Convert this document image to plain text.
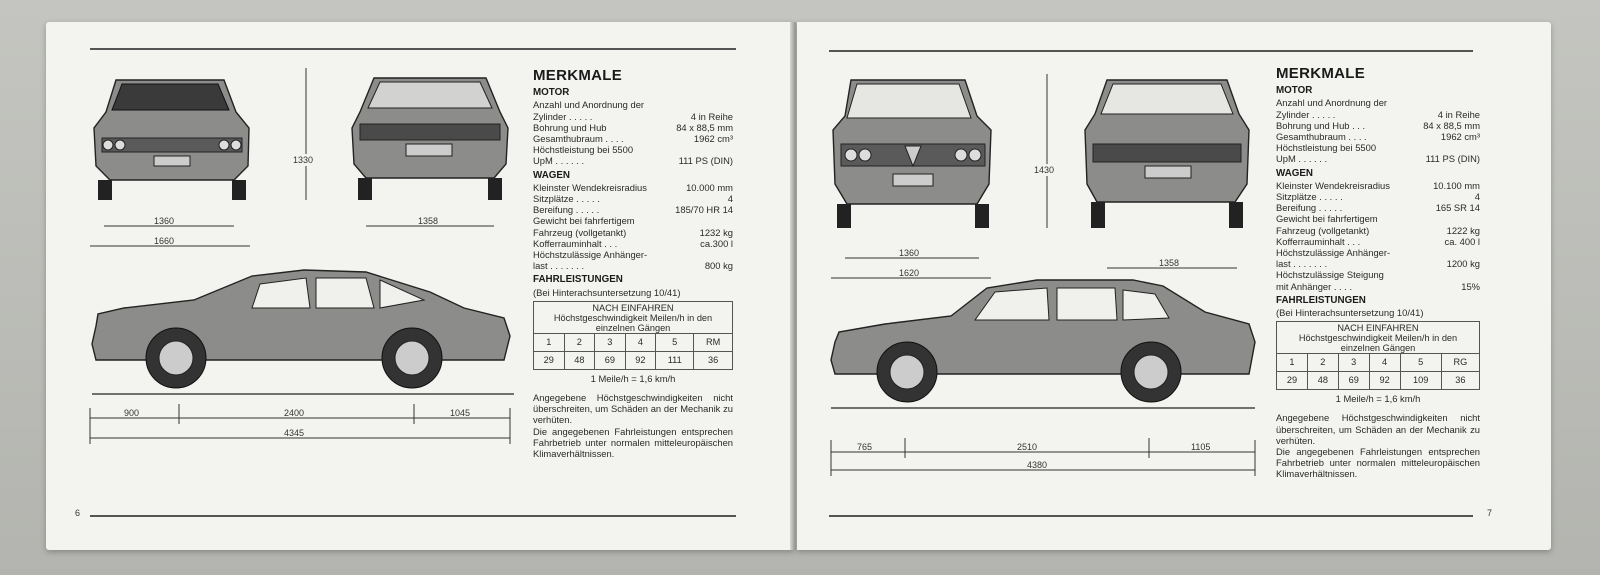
6
1330
1360
1660
1358
900	2400	1045
4345
MERKMALE
MOTOR
Anzahl und Anordnung der
Zylinder . . . . .	4 in Reihe
Bohrung und Hub	84 x 88,5 mm
Gesamthubraum . . . .	1962 cm³
Höchstleistung bei 5500
UpM . . . . . .	111 PS (DIN)
WAGEN
Kleinster Wendekreisradius	10.000 mm
Sitzplätze . . . . .	4
Bereifung . . . . .	185/70 HR 14
Gewicht bei fahrfertigem
Fahrzeug (vollgetankt)	1232 kg
Kofferrauminhalt . . .	ca.300 l
Höchstzulässige Anhänger-
last . . . . . . .	800 kg
FAHRLEISTUNGEN
(Bei Hinterachsuntersetzung 10/41)
NACH EINFAHREN
Höchstgeschwindigkeit Meilen/h in den einzelnen Gängen					
1	2	3	4	5	RM
29	48	69	92	111	36
1 Meile/h = 1,6 km/h

Angegebene Höchstgeschwindigkeiten nicht überschreiten, um Schäden an der Mechanik zu verhüten.

Die angegebenen Fahrleistungen entsprechen Fahrbetrieb unter normalen mitteleuropäischen Klimaverhältnissen.

7
1430
1360
1620
1358
765	2510	1105
4380
MERKMALE
MOTOR
Anzahl und Anordnung der
Zylinder . . . . .	4 in Reihe
Bohrung und Hub . . .	84 x 88,5 mm
Gesamthubraum . . . .	1962 cm³
Höchstleistung bei 5500
UpM . . . . . .	111 PS (DIN)
WAGEN
Kleinster Wendekreisradius	10.100 mm
Sitzplätze . . . . .	4
Bereifung . . . . .	165 SR 14
Gewicht bei fahrfertigem
Fahrzeug (vollgetankt)	1222 kg
Kofferrauminhalt . . .	ca. 400 l
Höchstzulässige Anhänger-
last . . . . . . .	1200 kg
Höchstzulässige Steigung
mit Anhänger . . . .	15%
FAHRLEISTUNGEN
(Bei Hinterachsuntersetzung 10/41)
NACH EINFAHREN
Höchstgeschwindigkeit Meilen/h in den einzelnen Gängen					
1	2	3	4	5	RG
29	48	69	92	109	36
1 Meile/h = 1,6 km/h

Angegebene Höchstgeschwindigkeiten nicht überschreiten, um Schäden an der Mechanik zu verhüten.

Die angegebenen Fahrleistungen entsprechen Fahrbetrieb unter normalen mitteleuropäischen Klimaverhältnissen.
